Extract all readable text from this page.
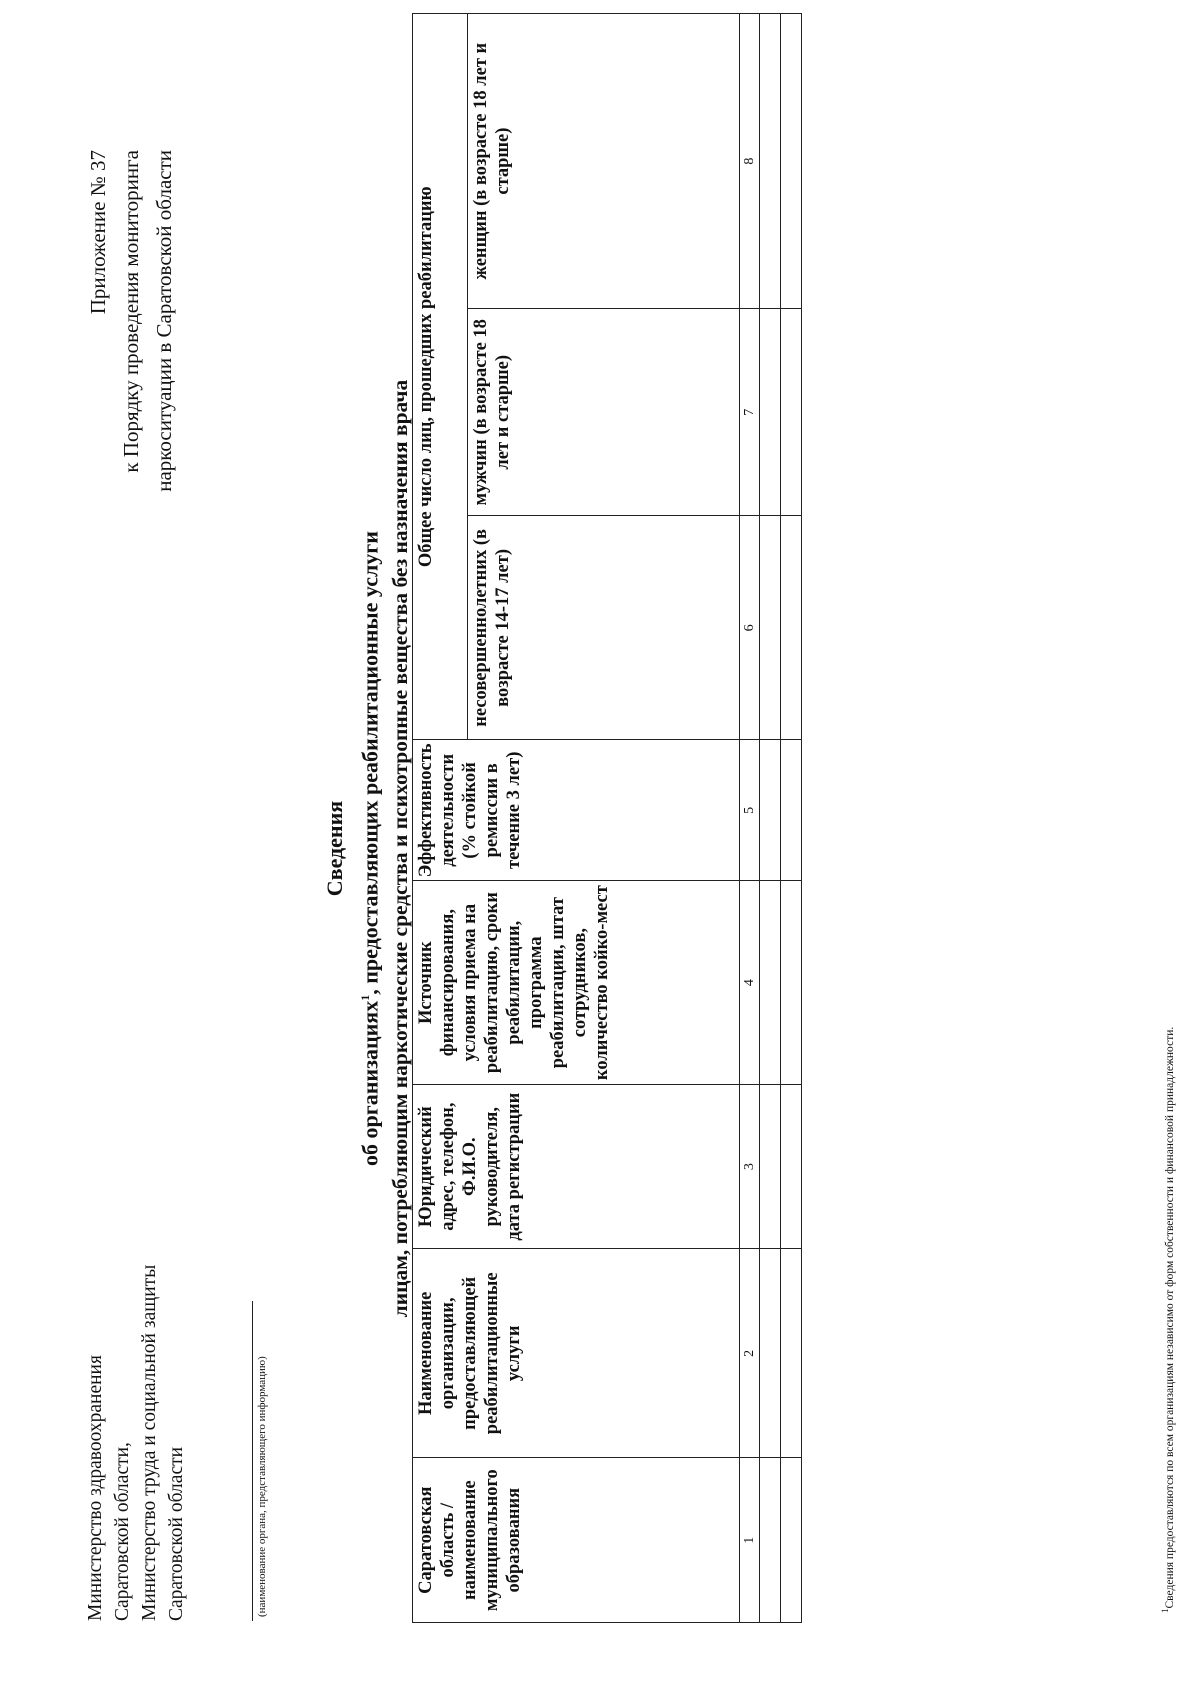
Министерство здравоохранения Саратовской области, Министерство труда и социальной защиты Саратовской области	(наименование органа, представляющего информацию)
Приложение № 37 к Порядку проведения мониторинга наркоситуации в Саратовской области
Сведения
об организациях$^1$, предоставляющих реабилитационные услуги лицам, потребляющим наркотические средства и психотропные вещества без назначения врача
Саратовская область / наименование муниципального образования	Наименование организации, предоставляющей реабилитационные услуги	Юридический адрес, телефон, Ф.И.О. руководителя, дата регистрации	Источник финансирования, условия приема на реабилитацию, сроки реабилитации, программа реабилитации, штат сотрудников, количество койко-мест	Эффективность деятельности (% стойкой ремиссии в течение 3 лет)	Общее число лиц, прошедших реабилитацию		
					несовершеннолетних (в возрасте 14-17 лет)	мужчин (в возрасте 18 лет и старше)	женщин (в возрасте 18 лет и старше)
1	2	3	4	5	6	7	8

$^1$Сведения предоставляются по всем организациям независимо от форм собственности и финансовой принадлежности.
